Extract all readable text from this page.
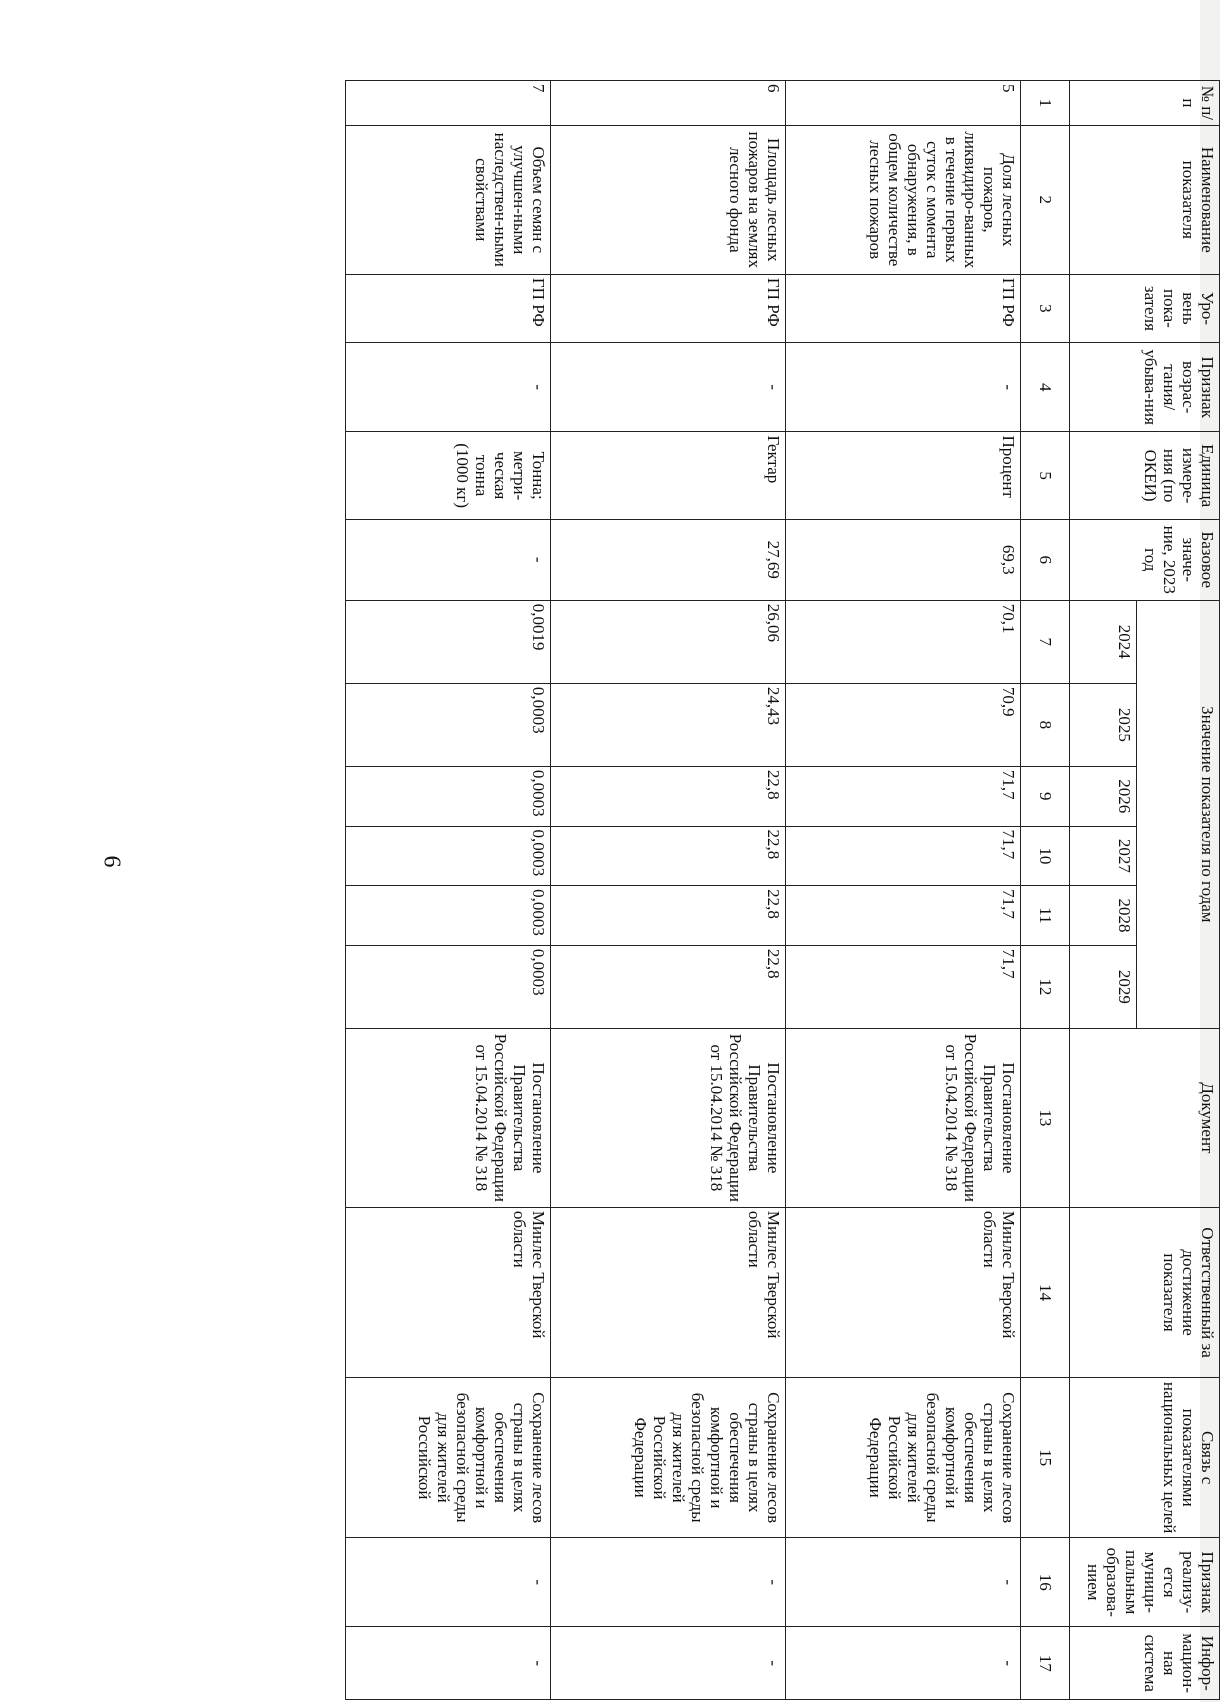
6
№ п/п	Наименование показателя	Уро-вень пока-зателя	Признак возрас-тания/ убыва-ния	Единица измере-ния (по ОКЕИ)	Базовое значе-ние, 2023 год	Значение показателя по годам						Документ	Ответственный за достижение показателя	Связь с показателями национальных целей	Признак реализу-ется муници-пальным образова-нием	Инфор-мацион-ная система
						2024	2025	2026	2027	2028	2029					
1	2	3	4	5	6	7	8	9	10	11	12	13	14	15	16	17
5	Доля лесных пожаров, ликвидиро-ванных в течение первых суток с момента обнаружения, в общем количестве лесных пожаров	ГП РФ	-	Процент	69,3	70,1	70,9	71,7	71,7	71,7	71,7	Постановление Правительства Российской Федерации от 15.04.2014 № 318	Минлес Тверской области	Сохранение лесов страны в целях обеспечения комфортной и безопасной среды для жителей Российской Федерации	-	-
6	Площадь лесных пожаров на землях лесного фонда	ГП РФ	-	Гектар	27,69	26,06	24,43	22,8	22,8	22,8	22,8	Постановление Правительства Российской Федерации от 15.04.2014 № 318	Минлес Тверской области	Сохранение лесов страны в целях обеспечения комфортной и безопасной среды для жителей Российской Федерации	-	-
7	Объем семян с улучшен-ными наследствен-ными свойствами	ГП РФ	-	Тонна; метри-ческая тонна (1000 кг)	-	0,0019	0,0003	0,0003	0,0003	0,0003	0,0003	Постановление Правительства Российской Федерации от 15.04.2014 № 318	Минлес Тверской области	Сохранение лесов страны в целях обеспечения комфортной и безопасной среды для жителей Российской	-	-
